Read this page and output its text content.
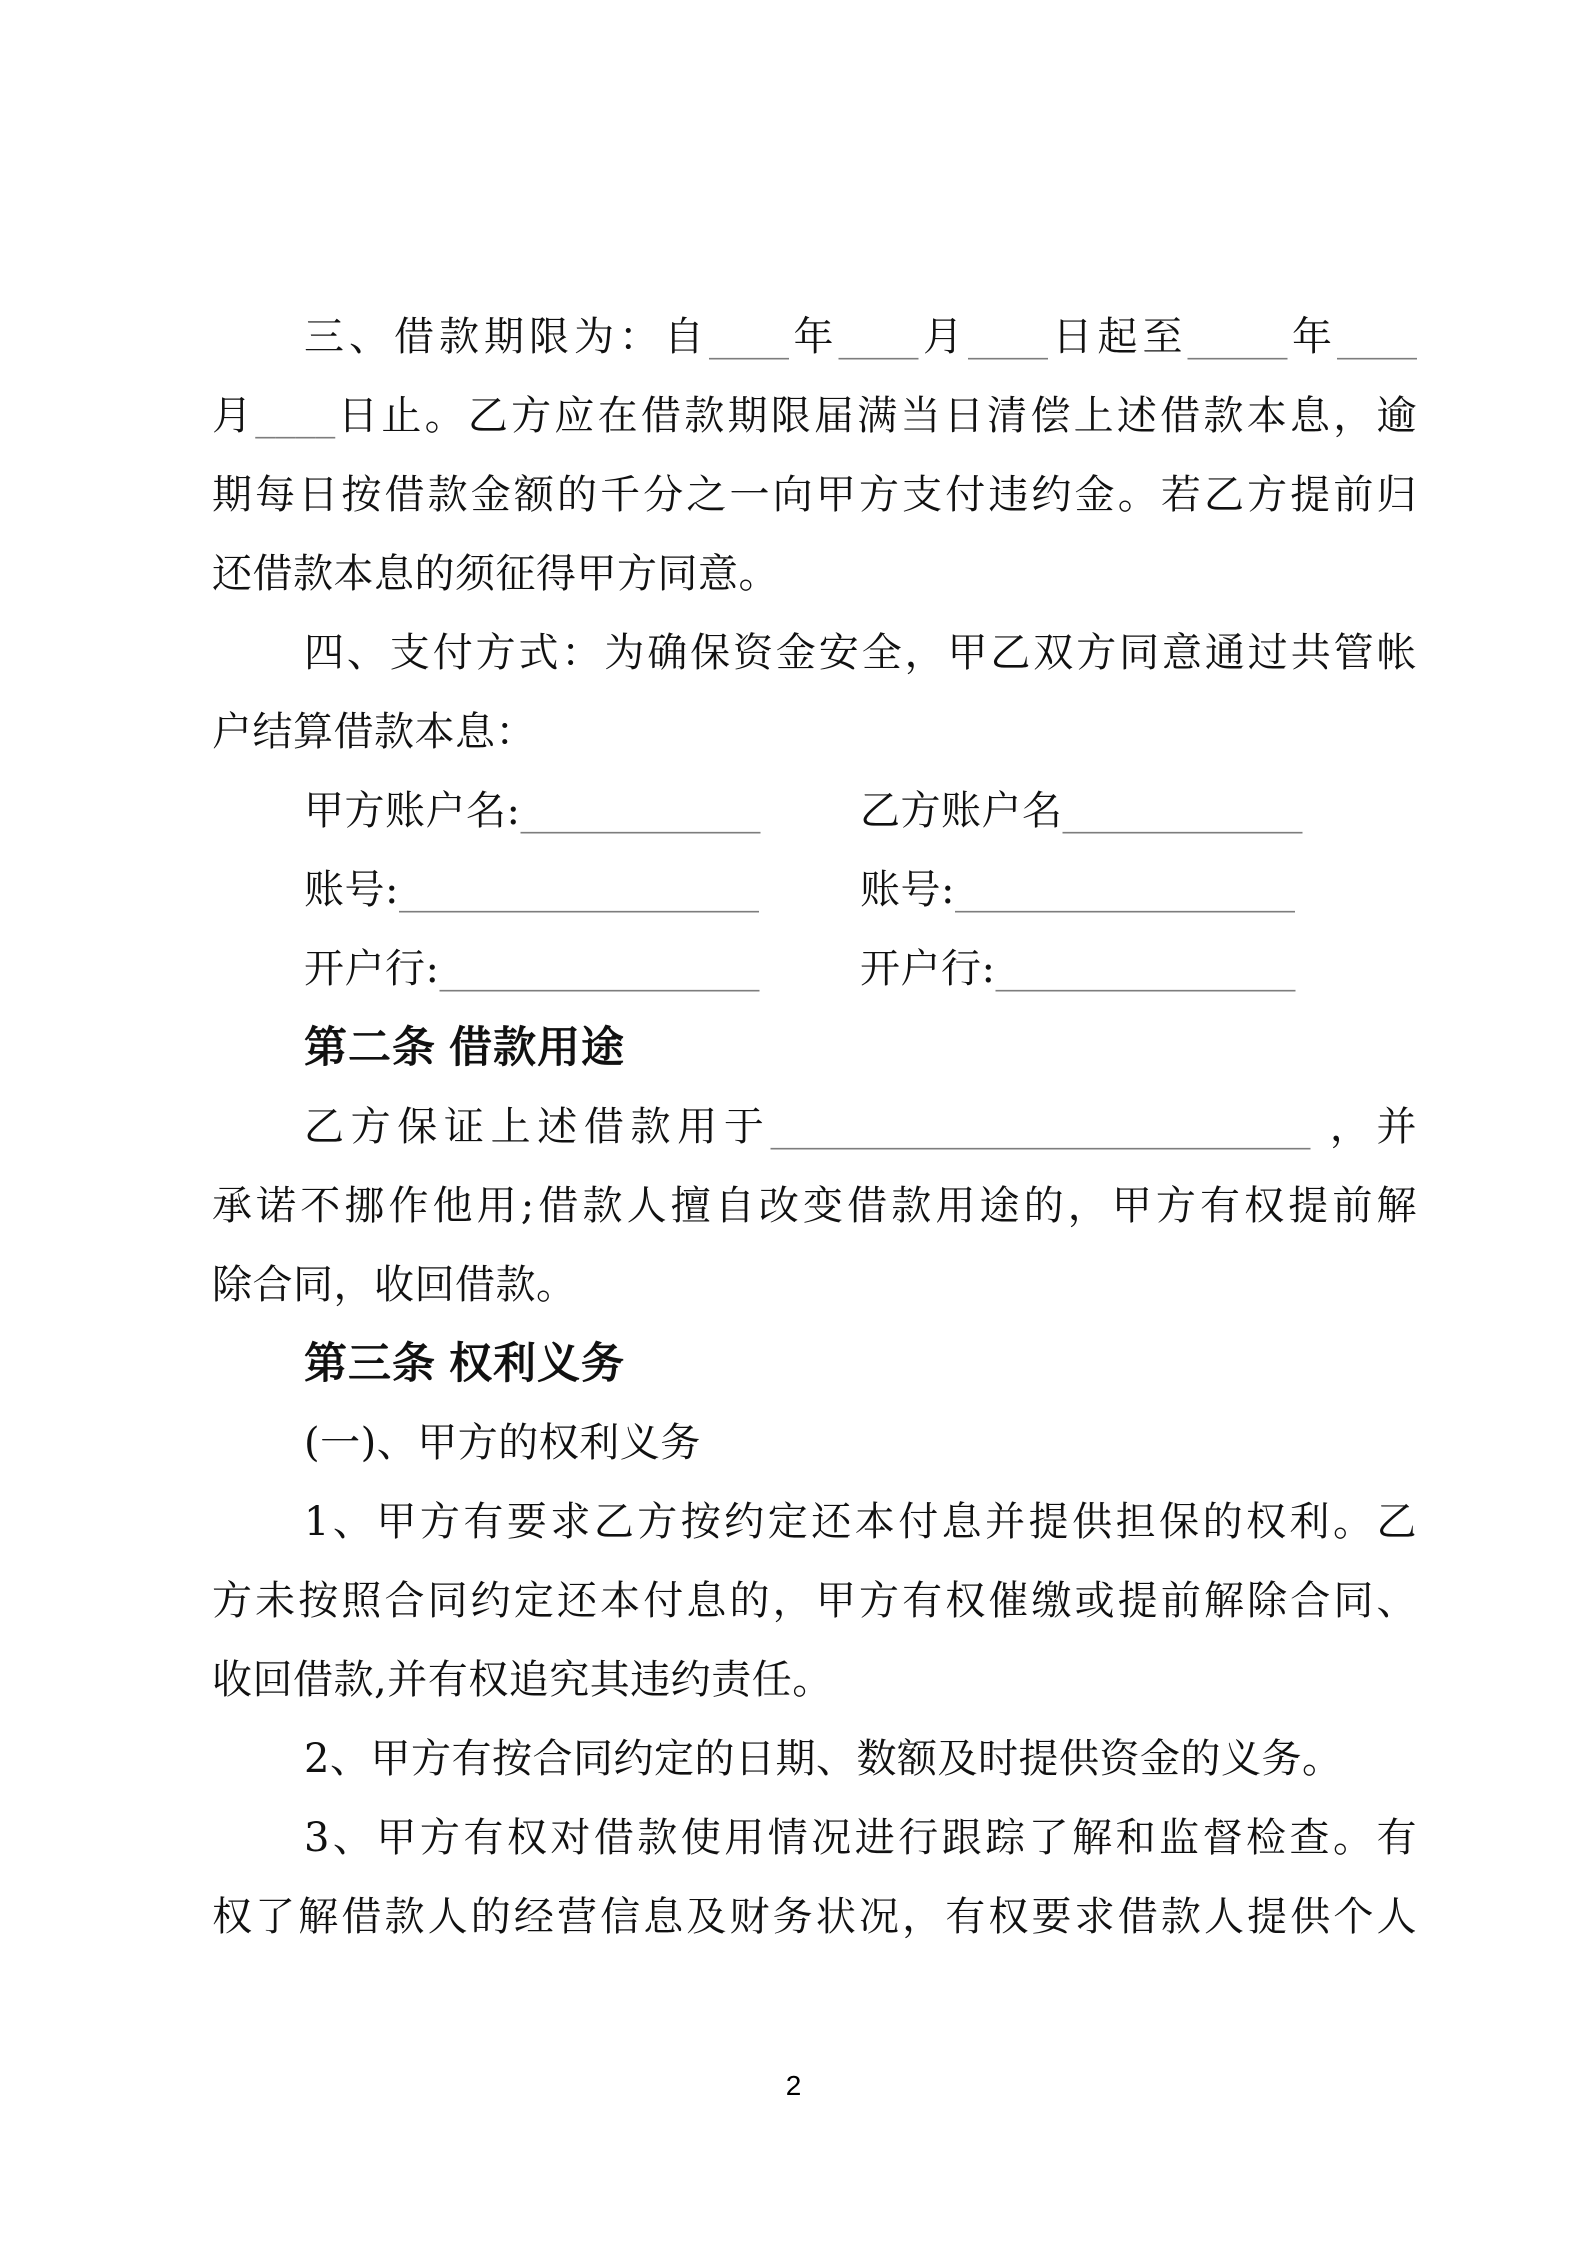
三、借款期限为：自____年____月____日起至_____年____
月____日止。乙方应在借款期限届满当日清偿上述借款本息，逾
期每日按借款金额的千分之一向甲方支付违约金。若乙方提前归
还借款本息的须征得甲方同意。
四、支付方式：为确保资金安全，甲乙双方同意通过共管帐
户结算借款本息：
甲方账户名:____________ 乙方账户名____________
账号:__________________	账号:_________________
开户行:________________	开户行:_______________
第二条 借款用途
乙方保证上述借款用于___________________________ ，并
承诺不挪作他用;借款人擅自改变借款用途的，甲方有权提前解
除合同，收回借款。
第三条 权利义务
(一)、甲方的权利义务
1、甲方有要求乙方按约定还本付息并提供担保的权利。乙
方未按照合同约定还本付息的，甲方有权催缴或提前解除合同、
收回借款,并有权追究其违约责任。
2、甲方有按合同约定的日期、数额及时提供资金的义务。
3、甲方有权对借款使用情况进行跟踪了解和监督检查。有
权了解借款人的经营信息及财务状况，有权要求借款人提供个人
2
